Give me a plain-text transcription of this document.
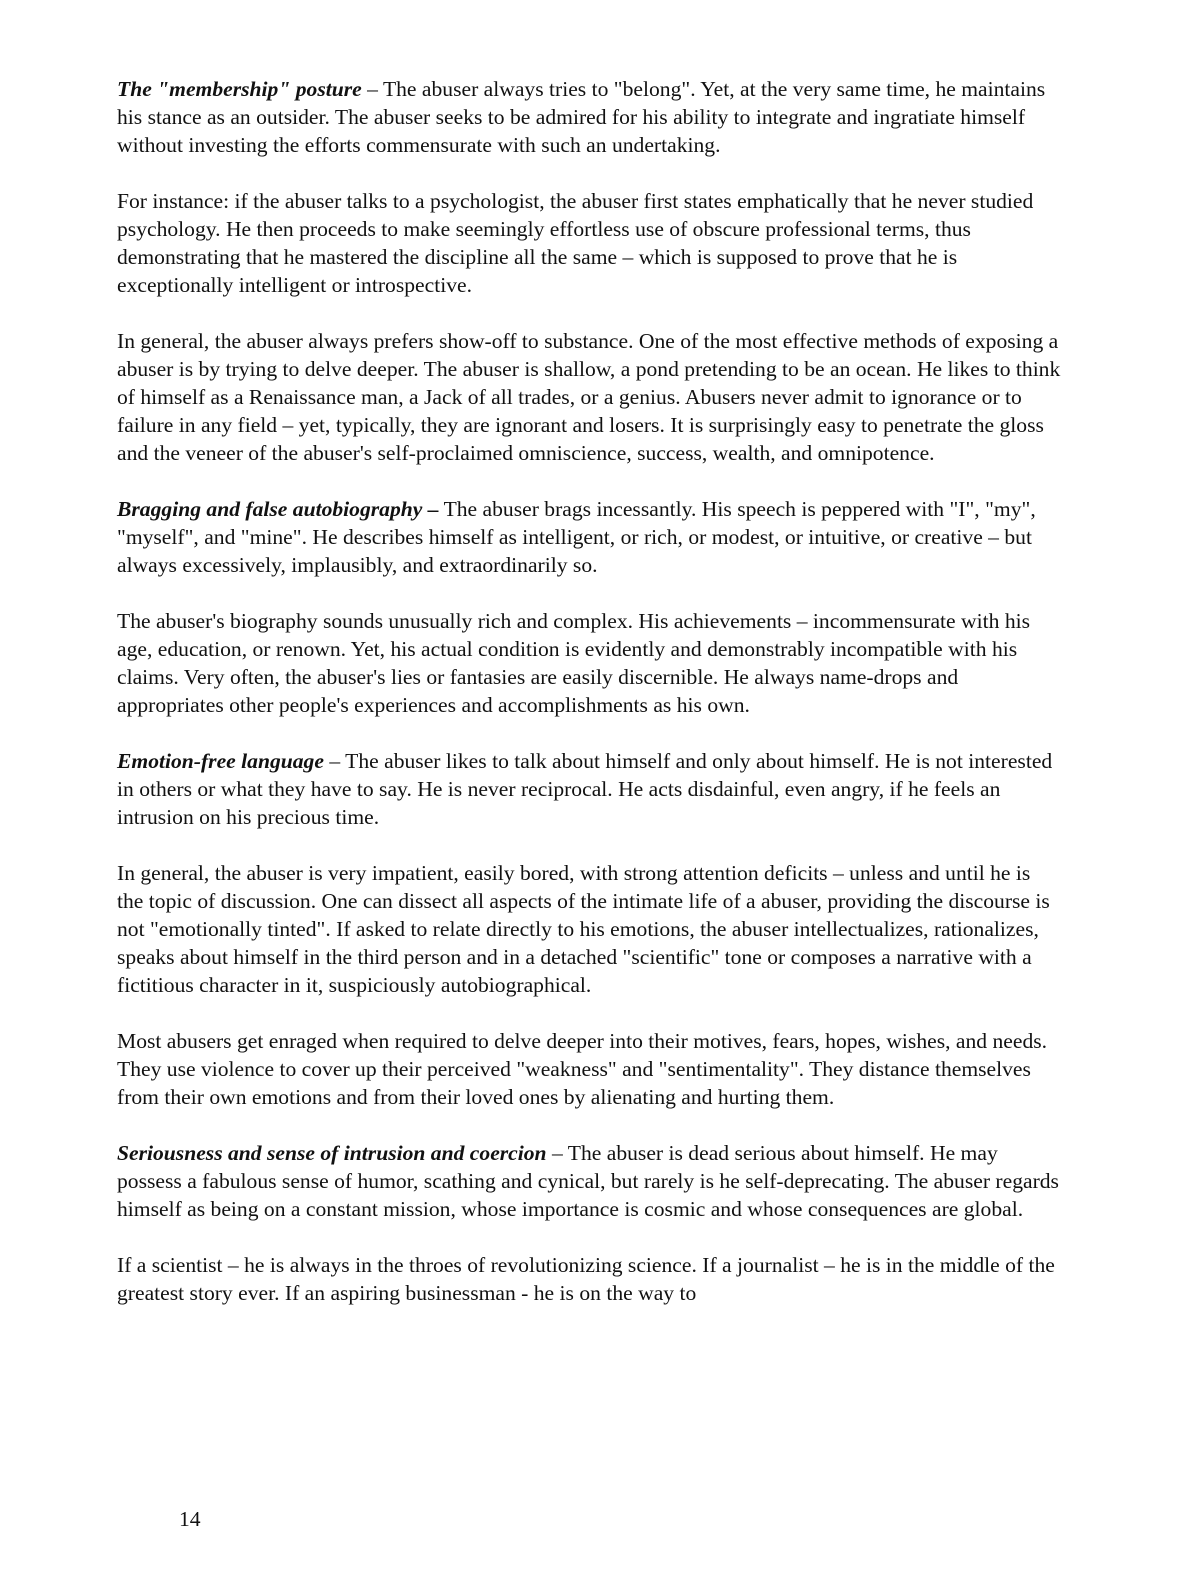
The "membership" posture – The abuser always tries to "belong". Yet, at the very same time, he maintains his stance as an outsider. The abuser seeks to be admired for his ability to integrate and ingratiate himself without investing the efforts commensurate with such an undertaking.

For instance: if the abuser talks to a psychologist, the abuser first states emphatically that he never studied psychology. He then proceeds to make seemingly effortless use of obscure professional terms, thus demonstrating that he mastered the discipline all the same – which is supposed to prove that he is exceptionally intelligent or introspective.

In general, the abuser always prefers show-off to substance. One of the most effective methods of exposing a abuser is by trying to delve deeper. The abuser is shallow, a pond pretending to be an ocean. He likes to think of himself as a Renaissance man, a Jack of all trades, or a genius. Abusers never admit to ignorance or to failure in any field – yet, typically, they are ignorant and losers. It is surprisingly easy to penetrate the gloss and the veneer of the abuser's self-proclaimed omniscience, success, wealth, and omnipotence.

Bragging and false autobiography – The abuser brags incessantly. His speech is peppered with "I", "my", "myself", and "mine". He describes himself as intelligent, or rich, or modest, or intuitive, or creative – but always excessively, implausibly, and extraordinarily so.

The abuser's biography sounds unusually rich and complex. His achievements – incommensurate with his age, education, or renown. Yet, his actual condition is evidently and demonstrably incompatible with his claims. Very often, the abuser's lies or fantasies are easily discernible. He always name-drops and appropriates other people's experiences and accomplishments as his own.

Emotion-free language – The abuser likes to talk about himself and only about himself. He is not interested in others or what they have to say. He is never reciprocal. He acts disdainful, even angry, if he feels an intrusion on his precious time.

In general, the abuser is very impatient, easily bored, with strong attention deficits – unless and until he is the topic of discussion. One can dissect all aspects of the intimate life of a abuser, providing the discourse is not "emotionally tinted". If asked to relate directly to his emotions, the abuser intellectualizes, rationalizes, speaks about himself in the third person and in a detached "scientific" tone or composes a narrative with a fictitious character in it, suspiciously autobiographical.

Most abusers get enraged when required to delve deeper into their motives, fears, hopes, wishes, and needs. They use violence to cover up their perceived "weakness" and "sentimentality". They distance themselves from their own emotions and from their loved ones by alienating and hurting them.

Seriousness and sense of intrusion and coercion – The abuser is dead serious about himself. He may possess a fabulous sense of humor, scathing and cynical, but rarely is he self-deprecating. The abuser regards himself as being on a constant mission, whose importance is cosmic and whose consequences are global.

If a scientist – he is always in the throes of revolutionizing science. If a journalist – he is in the middle of the greatest story ever. If an aspiring businessman - he is on the way to

14
